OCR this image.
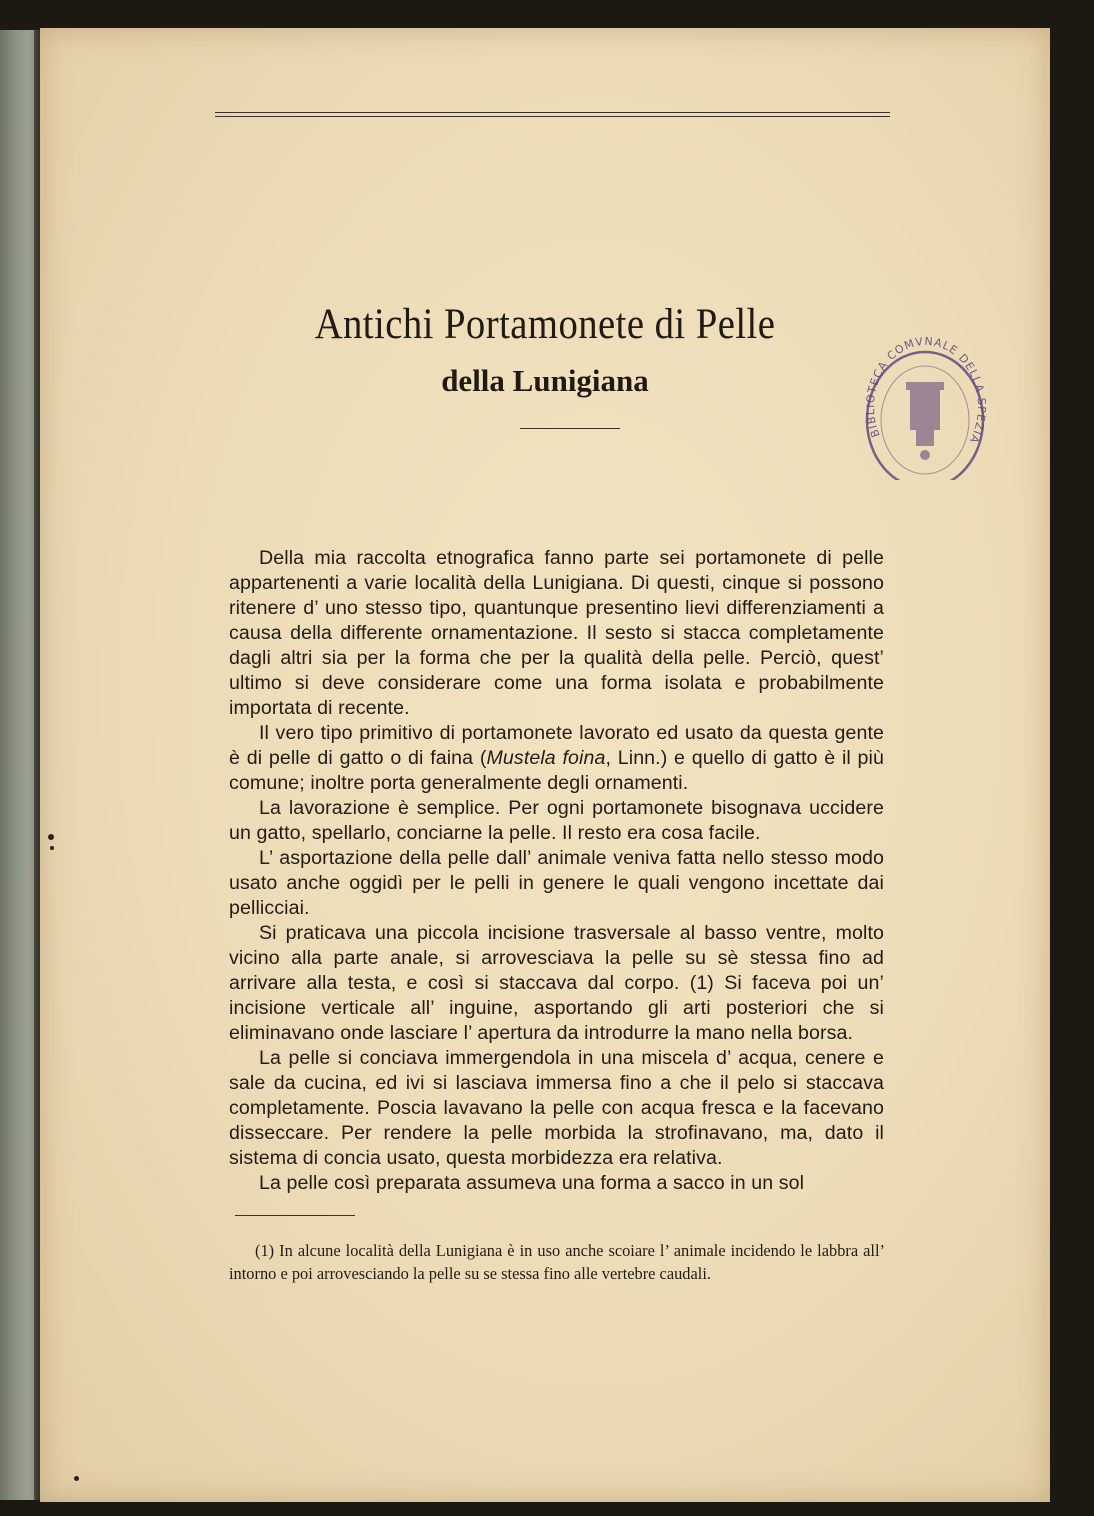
Antichi Portamonete di Pelle
della Lunigiana
BIBLIOTECA COMVNALE DELLA SPEZIA

Della mia raccolta etnografica fanno parte sei portamonete di pelle appartenenti a varie località della Lunigiana. Di questi, cinque si possono ritenere d’ uno stesso tipo, quantunque presentino lievi differenziamenti a causa della differente ornamentazione. Il sesto si stacca completamente dagli altri sia per la forma che per la qualità della pelle. Perciò, quest’ ultimo si deve considerare come una forma isolata e probabilmente importata di recente.

Il vero tipo primitivo di portamonete lavorato ed usato da questa gente è di pelle di gatto o di faina (Mustela foina, Linn.) e quello di gatto è il più comune; inoltre porta generalmente degli ornamenti.

La lavorazione è semplice. Per ogni portamonete bisognava uccidere un gatto, spellarlo, conciarne la pelle. Il resto era cosa facile.

L’ asportazione della pelle dall’ animale veniva fatta nello stesso modo usato anche oggidì per le pelli in genere le quali vengono incettate dai pellicciai.

Si praticava una piccola incisione trasversale al basso ventre, molto vicino alla parte anale, si arrovesciava la pelle su sè stessa fino ad arrivare alla testa, e così si staccava dal corpo. (1) Si faceva poi un’ incisione verticale all’ inguine, asportando gli arti posteriori che si eliminavano onde lasciare l’ apertura da introdurre la mano nella borsa.

La pelle si conciava immergendola in una miscela d’ acqua, cenere e sale da cucina, ed ivi si lasciava immersa fino a che il pelo si staccava completamente. Poscia lavavano la pelle con acqua fresca e la facevano disseccare. Per rendere la pelle morbida la strofinavano, ma, dato il sistema di concia usato, questa morbidezza era relativa.

La pelle così preparata assumeva una forma a sacco in un sol

(1) In alcune località della Lunigiana è in uso anche scoiare l’ animale incidendo le labbra all’ intorno e poi arrovesciando la pelle su se stessa fino alle vertebre caudali.
